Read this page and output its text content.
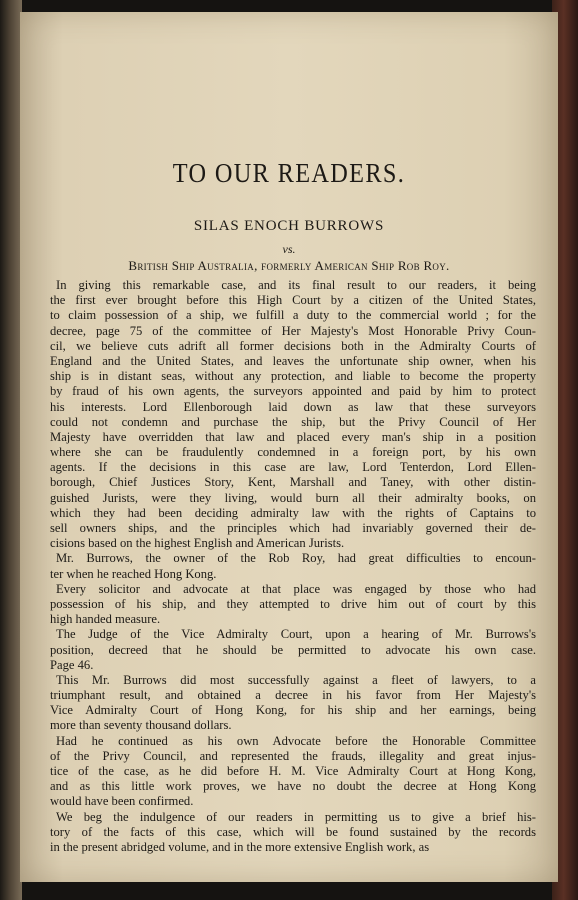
TO OUR READERS.
SILAS ENOCH BURROWS
vs.
British Ship Australia, formerly American Ship Rob Roy.
In giving this remarkable case, and its final result to our readers, it being
the first ever brought before this High Court by a citizen of the United States,
to claim possession of a ship, we fulfill a duty to the commercial world ; for the
decree, page 75 of the committee of Her Majesty's Most Honorable Privy Coun-
cil, we believe cuts adrift all former decisions both in the Admiralty Courts of
England and the United States, and leaves the unfortunate ship owner, when his
ship is in distant seas, without any protection, and liable to become the property
by fraud of his own agents, the surveyors appointed and paid by him to protect
his interests. Lord Ellenborough laid down as law that these surveyors
could not condemn and purchase the ship, but the Privy Council of Her
Majesty have overridden that law and placed every man's ship in a position
where she can be fraudulently condemned in a foreign port, by his own
agents. If the decisions in this case are law, Lord Tenterdon, Lord Ellen-
borough, Chief Justices Story, Kent, Marshall and Taney, with other distin-
guished Jurists, were they living, would burn all their admiralty books, on
which they had been deciding admiralty law with the rights of Captains to
sell owners ships, and the principles which had invariably governed their de-
cisions based on the highest English and American Jurists.
Mr. Burrows, the owner of the Rob Roy, had great difficulties to encoun-
ter when he reached Hong Kong.
Every solicitor and advocate at that place was engaged by those who had
possession of his ship, and they attempted to drive him out of court by this
high handed measure.
The Judge of the Vice Admiralty Court, upon a hearing of Mr. Burrows's
position, decreed that he should be permitted to advocate his own case.
Page 46.
This Mr. Burrows did most successfully against a fleet of lawyers, to a
triumphant result, and obtained a decree in his favor from Her Majesty's
Vice Admiralty Court of Hong Kong, for his ship and her earnings, being
more than seventy thousand dollars.
Had he continued as his own Advocate before the Honorable Committee
of the Privy Council, and represented the frauds, illegality and great injus-
tice of the case, as he did before H. M. Vice Admiralty Court at Hong Kong,
and as this little work proves, we have no doubt the decree at Hong Kong
would have been confirmed.
We beg the indulgence of our readers in permitting us to give a brief his-
tory of the facts of this case, which will be found sustained by the records
in the present abridged volume, and in the more extensive English work, as
